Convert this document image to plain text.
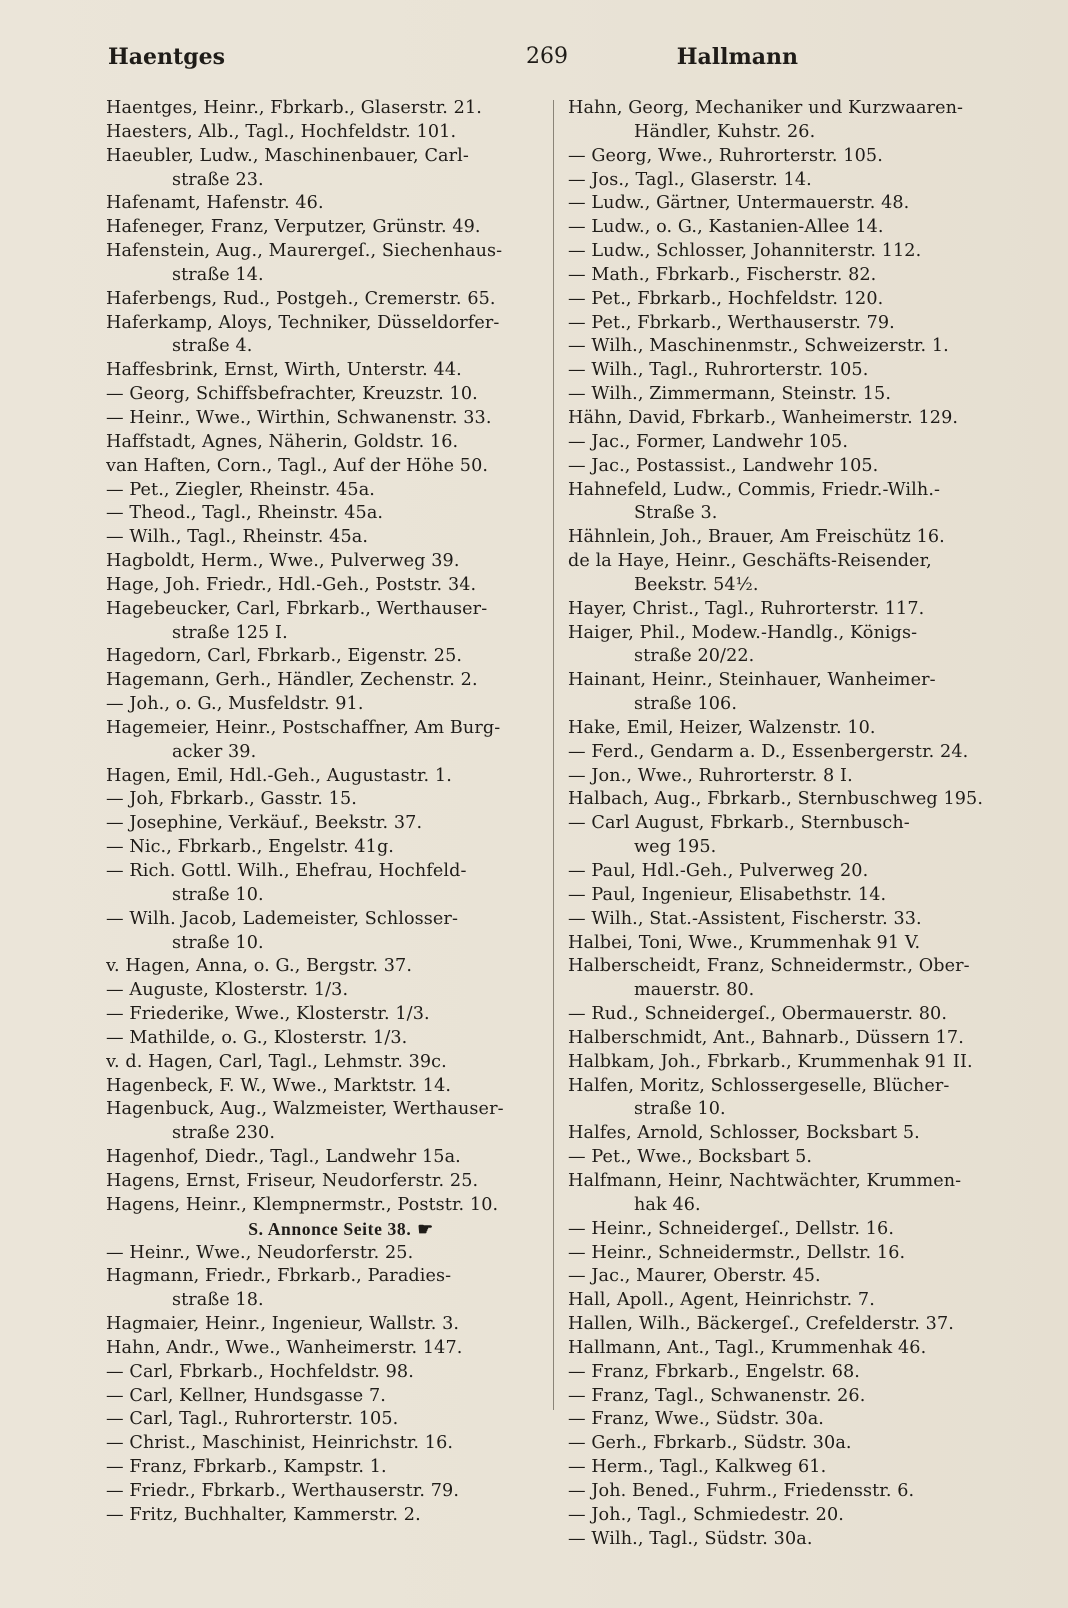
Haentges	269	Hallmann
Haentges, Heinr., Fbrkarb., Glaserstr. 21.
Haesters, Alb., Tagl., Hochfeldstr. 101.
Haeubler, Ludw., Maschinenbauer, Carl-
straße 23.
Hafenamt, Hafenstr. 46.
Hafeneger, Franz, Verputzer, Grünstr. 49.
Hafenstein, Aug., Maurergeſ., Siechenhaus-
straße 14.
Haferbengs, Rud., Postgeh., Cremerstr. 65.
Haferkamp, Aloys, Techniker, Düsseldorfer-
straße 4.
Haffesbrink, Ernst, Wirth, Unterstr. 44.
— Georg, Schiffsbefrachter, Kreuzstr. 10.
— Heinr., Wwe., Wirthin, Schwanenstr. 33.
Haffstadt, Agnes, Näherin, Goldstr. 16.
van Haften, Corn., Tagl., Auf der Höhe 50.
— Pet., Ziegler, Rheinstr. 45a.
— Theod., Tagl., Rheinstr. 45a.
— Wilh., Tagl., Rheinstr. 45a.
Hagboldt, Herm., Wwe., Pulverweg 39.
Hage, Joh. Friedr., Hdl.-Geh., Poststr. 34.
Hagebeucker, Carl, Fbrkarb., Werthauser-
straße 125 I.
Hagedorn, Carl, Fbrkarb., Eigenstr. 25.
Hagemann, Gerh., Händler, Zechenstr. 2.
— Joh., o. G., Musfeldstr. 91.
Hagemeier, Heinr., Postschaffner, Am Burg-
acker 39.
Hagen, Emil, Hdl.-Geh., Augustastr. 1.
— Joh, Fbrkarb., Gasstr. 15.
— Josephine, Verkäuf., Beekstr. 37.
— Nic., Fbrkarb., Engelstr. 41g.
— Rich. Gottl. Wilh., Ehefrau, Hochfeld-
straße 10.
— Wilh. Jacob, Lademeister, Schlosser-
straße 10.
v. Hagen, Anna, o. G., Bergstr. 37.
— Auguste, Klosterstr. 1/3.
— Friederike, Wwe., Klosterstr. 1/3.
— Mathilde, o. G., Klosterstr. 1/3.
v. d. Hagen, Carl, Tagl., Lehmstr. 39c.
Hagenbeck, F. W., Wwe., Marktstr. 14.
Hagenbuck, Aug., Walzmeister, Werthauser-
straße 230.
Hagenhof, Diedr., Tagl., Landwehr 15a.
Hagens, Ernst, Friseur, Neudorferstr. 25.
Hagens, Heinr., Klempnermstr., Poststr. 10.
S. Annonce Seite 38. ☛
— Heinr., Wwe., Neudorferstr. 25.
Hagmann, Friedr., Fbrkarb., Paradies-
straße 18.
Hagmaier, Heinr., Ingenieur, Wallstr. 3.
Hahn, Andr., Wwe., Wanheimerstr. 147.
— Carl, Fbrkarb., Hochfeldstr. 98.
— Carl, Kellner, Hundsgasse 7.
— Carl, Tagl., Ruhrorterstr. 105.
— Christ., Maschinist, Heinrichstr. 16.
— Franz, Fbrkarb., Kampstr. 1.
— Friedr., Fbrkarb., Werthauserstr. 79.
— Fritz, Buchhalter, Kammerstr. 2.
Hahn, Georg, Mechaniker und Kurzwaaren-
Händler, Kuhstr. 26.
— Georg, Wwe., Ruhrorterstr. 105.
— Jos., Tagl., Glaserstr. 14.
— Ludw., Gärtner, Untermauerstr. 48.
— Ludw., o. G., Kastanien-Allee 14.
— Ludw., Schlosser, Johanniterstr. 112.
— Math., Fbrkarb., Fischerstr. 82.
— Pet., Fbrkarb., Hochfeldstr. 120.
— Pet., Fbrkarb., Werthauserstr. 79.
— Wilh., Maschinenmstr., Schweizerstr. 1.
— Wilh., Tagl., Ruhrorterstr. 105.
— Wilh., Zimmermann, Steinstr. 15.
Hähn, David, Fbrkarb., Wanheimerstr. 129.
— Jac., Former, Landwehr 105.
— Jac., Postassist., Landwehr 105.
Hahnefeld, Ludw., Commis, Friedr.-Wilh.-
Straße 3.
Hähnlein, Joh., Brauer, Am Freischütz 16.
de la Haye, Heinr., Geschäfts-Reisender,
Beekstr. 54½.
Hayer, Christ., Tagl., Ruhrorterstr. 117.
Haiger, Phil., Modew.-Handlg., Königs-
straße 20/22.
Hainant, Heinr., Steinhauer, Wanheimer-
straße 106.
Hake, Emil, Heizer, Walzenstr. 10.
— Ferd., Gendarm a. D., Essenbergerstr. 24.
— Jon., Wwe., Ruhrorterstr. 8 I.
Halbach, Aug., Fbrkarb., Sternbuschweg 195.
— Carl August, Fbrkarb., Sternbusch-
weg 195.
— Paul, Hdl.-Geh., Pulverweg 20.
— Paul, Ingenieur, Elisabethstr. 14.
— Wilh., Stat.-Assistent, Fischerstr. 33.
Halbei, Toni, Wwe., Krummenhak 91 V.
Halberscheidt, Franz, Schneidermstr., Ober-
mauerstr. 80.
— Rud., Schneidergeſ., Obermauerstr. 80.
Halberschmidt, Ant., Bahnarb., Düssern 17.
Halbkam, Joh., Fbrkarb., Krummenhak 91 II.
Halfen, Moritz, Schlossergeselle, Blücher-
straße 10.
Halfes, Arnold, Schlosser, Bocksbart 5.
— Pet., Wwe., Bocksbart 5.
Halfmann, Heinr, Nachtwächter, Krummen-
hak 46.
— Heinr., Schneidergeſ., Dellstr. 16.
— Heinr., Schneidermstr., Dellstr. 16.
— Jac., Maurer, Oberstr. 45.
Hall, Apoll., Agent, Heinrichstr. 7.
Hallen, Wilh., Bäckergeſ., Crefelderstr. 37.
Hallmann, Ant., Tagl., Krummenhak 46.
— Franz, Fbrkarb., Engelstr. 68.
— Franz, Tagl., Schwanenstr. 26.
— Franz, Wwe., Südstr. 30a.
— Gerh., Fbrkarb., Südstr. 30a.
— Herm., Tagl., Kalkweg 61.
— Joh. Bened., Fuhrm., Friedensstr. 6.
— Joh., Tagl., Schmiedestr. 20.
— Wilh., Tagl., Südstr. 30a.
